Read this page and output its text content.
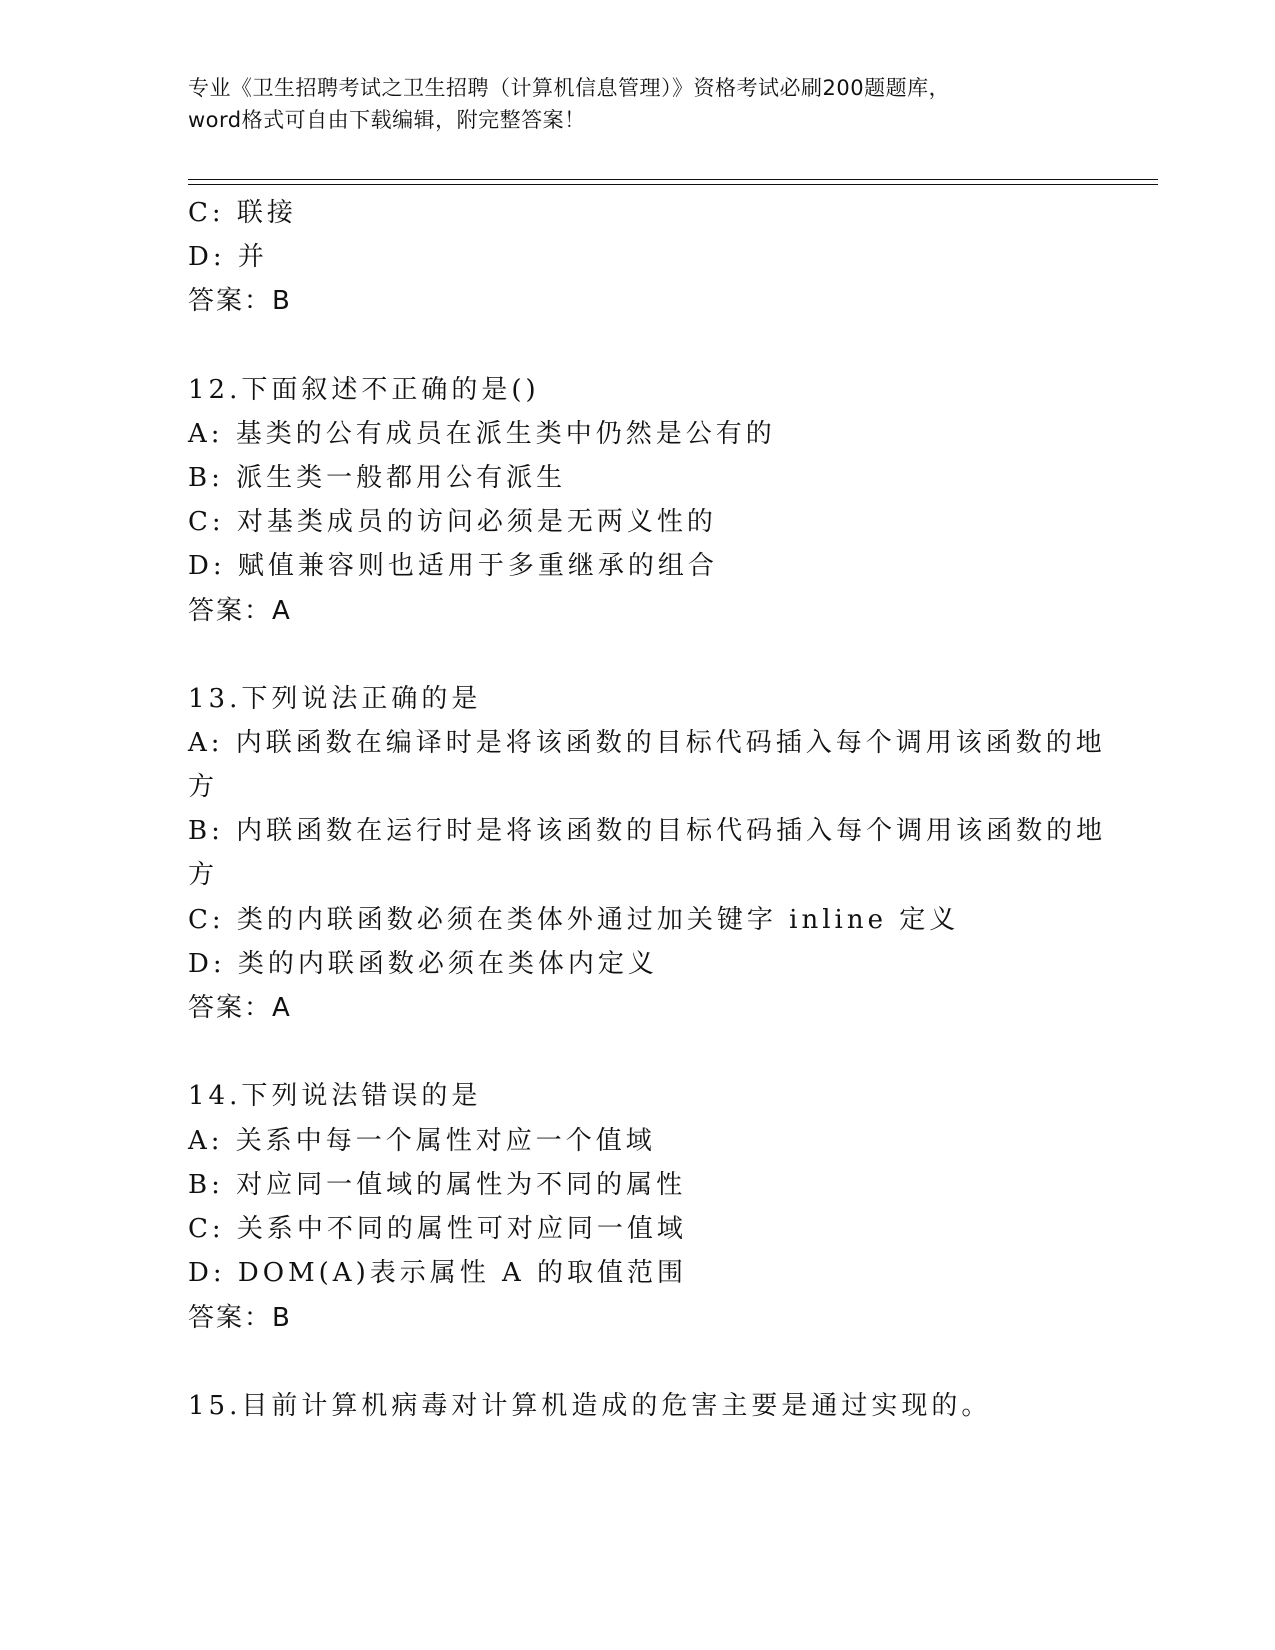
专业《卫生招聘考试之卫生招聘（计算机信息管理）》资格考试必刷200题题库，
word格式可自由下载编辑，附完整答案！
C: 联接
D: 并
答案：B
12.下面叙述不正确的是()
A: 基类的公有成员在派生类中仍然是公有的
B: 派生类一般都用公有派生
C: 对基类成员的访问必须是无两义性的
D: 赋值兼容则也适用于多重继承的组合
答案：A
13.下列说法正确的是
A: 内联函数在编译时是将该函数的目标代码插入每个调用该函数的地
方
B: 内联函数在运行时是将该函数的目标代码插入每个调用该函数的地
方
C: 类的内联函数必须在类体外通过加关键字 inline 定义
D: 类的内联函数必须在类体内定义
答案：A
14.下列说法错误的是
A: 关系中每一个属性对应一个值域
B: 对应同一值域的属性为不同的属性
C: 关系中不同的属性可对应同一值域
D: DOM(A)表示属性 A 的取值范围
答案：B
15.目前计算机病毒对计算机造成的危害主要是通过实现的。
